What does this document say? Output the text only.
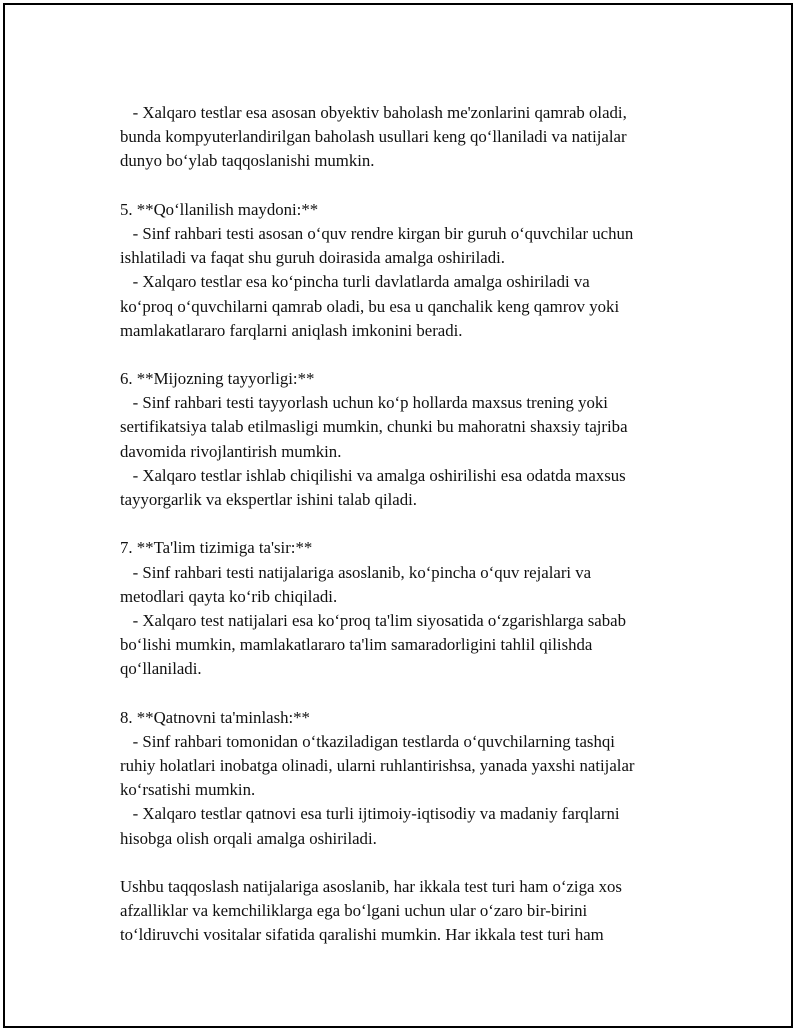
- Xalqaro testlar esa asosan obyektiv baholash me'zonlarini qamrab oladi,
bunda kompyuterlandirilgan baholash usullari keng qo‘llaniladi va natijalar
dunyo bo‘ylab taqqoslanishi mumkin.
5. **Qo‘llanilish maydoni:**
- Sinf rahbari testi asosan o‘quv rendre kirgan bir guruh o‘quvchilar uchun
ishlatiladi va faqat shu guruh doirasida amalga oshiriladi.
- Xalqaro testlar esa ko‘pincha turli davlatlarda amalga oshiriladi va
ko‘proq o‘quvchilarni qamrab oladi, bu esa u qanchalik keng qamrov yoki
mamlakatlararo farqlarni aniqlash imkonini beradi.
6. **Mijozning tayyorligi:**
- Sinf rahbari testi tayyorlash uchun ko‘p hollarda maxsus trening yoki
sertifikatsiya talab etilmasligi mumkin, chunki bu mahoratni shaxsiy tajriba
davomida rivojlantirish mumkin.
- Xalqaro testlar ishlab chiqilishi va amalga oshirilishi esa odatda maxsus
tayyorgarlik va ekspertlar ishini talab qiladi.
7. **Ta'lim tizimiga ta'sir:**
- Sinf rahbari testi natijalariga asoslanib, ko‘pincha o‘quv rejalari va
metodlari qayta ko‘rib chiqiladi.
- Xalqaro test natijalari esa ko‘proq ta'lim siyosatida o‘zgarishlarga sabab
bo‘lishi mumkin, mamlakatlararo ta'lim samaradorligini tahlil qilishda
qo‘llaniladi.
8. **Qatnovni ta'minlash:**
- Sinf rahbari tomonidan o‘tkaziladigan testlarda o‘quvchilarning tashqi
ruhiy holatlari inobatga olinadi, ularni ruhlantirishsa, yanada yaxshi natijalar
ko‘rsatishi mumkin.
- Xalqaro testlar qatnovi esa turli ijtimoiy-iqtisodiy va madaniy farqlarni
hisobga olish orqali amalga oshiriladi.
Ushbu taqqoslash natijalariga asoslanib, har ikkala test turi ham o‘ziga xos
afzalliklar va kemchiliklarga ega bo‘lgani uchun ular o‘zaro bir-birini
to‘ldiruvchi vositalar sifatida qaralishi mumkin. Har ikkala test turi ham
